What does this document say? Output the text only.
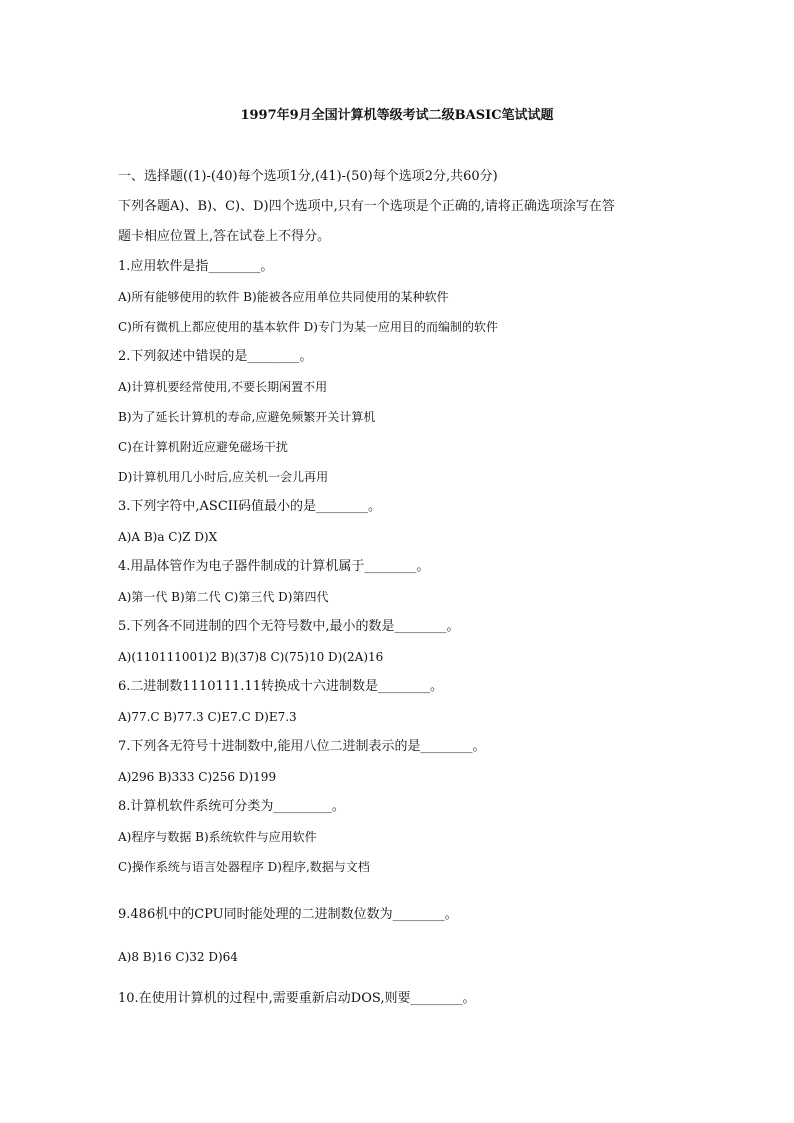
1997年9月全国计算机等级考试二级BASIC笔试试题
一、选择题((1)-(40)每个选项1分,(41)-(50)每个选项2分,共60分)
下列各题A)、B)、C)、D)四个选项中,只有一个选项是个正确的,请将正确选项涂写在答
题卡相应位置上,答在试卷上不得分。
1.应用软件是指________。
A)所有能够使用的软件 B)能被各应用单位共同使用的某种软件
C)所有微机上都应使用的基本软件 D)专门为某一应用目的而编制的软件
2.下列叙述中错误的是________。
A)计算机要经常使用,不要长期闲置不用
B)为了延长计算机的寿命,应避免频繁开关计算机
C)在计算机附近应避免磁场干扰
D)计算机用几小时后,应关机一会儿再用
3.下列字符中,ASCII码值最小的是________。
A)A B)a C)Z D)X
4.用晶体管作为电子器件制成的计算机属于________。
A)第一代 B)第二代 C)第三代 D)第四代
5.下列各不同进制的四个无符号数中,最小的数是________。
A)(110111001)2 B)(37)8 C)(75)10 D)(2A)16
6.二进制数1110111.11转换成十六进制数是________。
A)77.C B)77.3 C)E7.C D)E7.3
7.下列各无符号十进制数中,能用八位二进制表示的是________。
A)296 B)333 C)256 D)199
8.计算机软件系统可分类为_________。
A)程序与数据 B)系统软件与应用软件
C)操作系统与语言处器程序 D)程序,数据与文档
9.486机中的CPU同时能处理的二进制数位数为________。
A)8 B)16 C)32 D)64
10.在使用计算机的过程中,需要重新启动DOS,则要________。
